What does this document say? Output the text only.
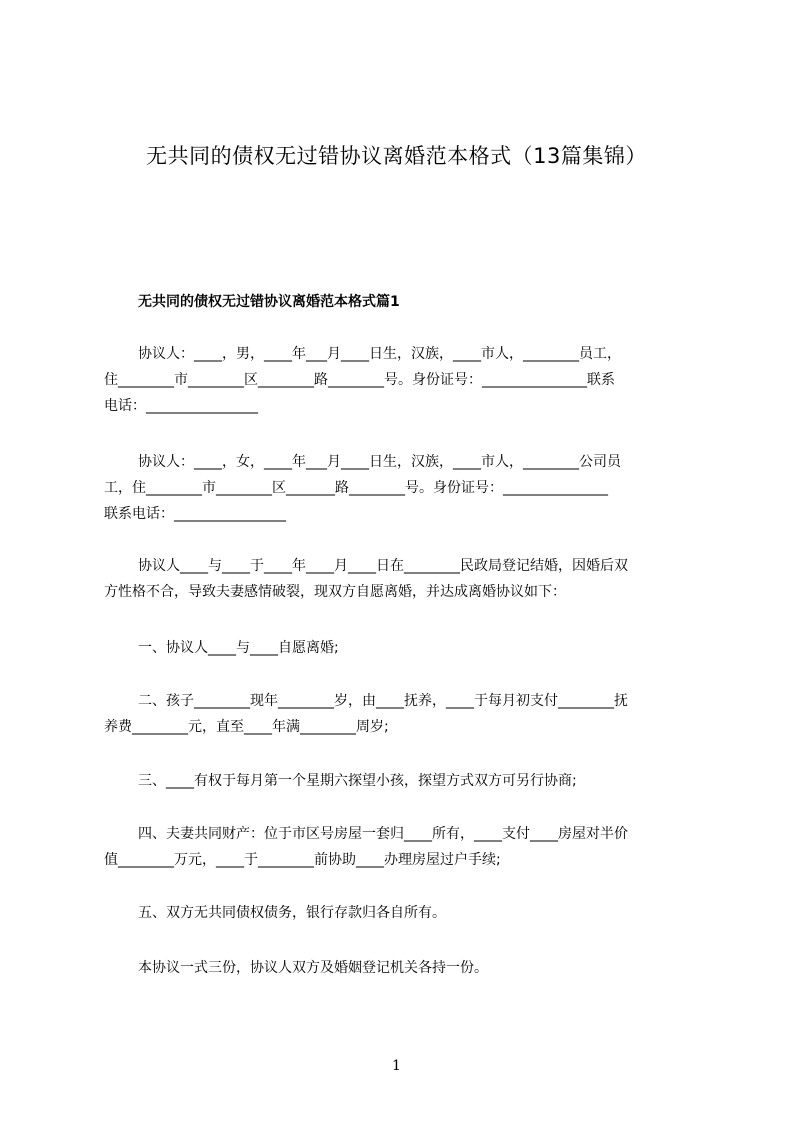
无共同的债权无过错协议离婚范本格式（13篇集锦）
无共同的债权无过错协议离婚范本格式篇1
协议人：____，男，____年___月____日生，汉族，____市人，________员工，
住________市________区________路________号。身份证号：_______________联系
电话：________________
协议人：____，女，____年___月____日生，汉族，____市人，________公司员
工，住________市________区_______路________号。身份证号：_______________
联系电话：________________
协议人____与____于____年____月____日在________民政局登记结婚，因婚后双
方性格不合，导致夫妻感情破裂，现双方自愿离婚，并达成离婚协议如下：
一、协议人____与____自愿离婚;
二、孩子________现年________岁，由____抚养，____于每月初支付________抚
养费________元，直至____年满________周岁;
三、____有权于每月第一个星期六探望小孩，探望方式双方可另行协商;
四、夫妻共同财产：位于市区号房屋一套归____所有，____支付____房屋对半价
值________万元，____于________前协助____办理房屋过户手续;
五、双方无共同债权债务，银行存款归各自所有。
本协议一式三份，协议人双方及婚姻登记机关各持一份。
1
